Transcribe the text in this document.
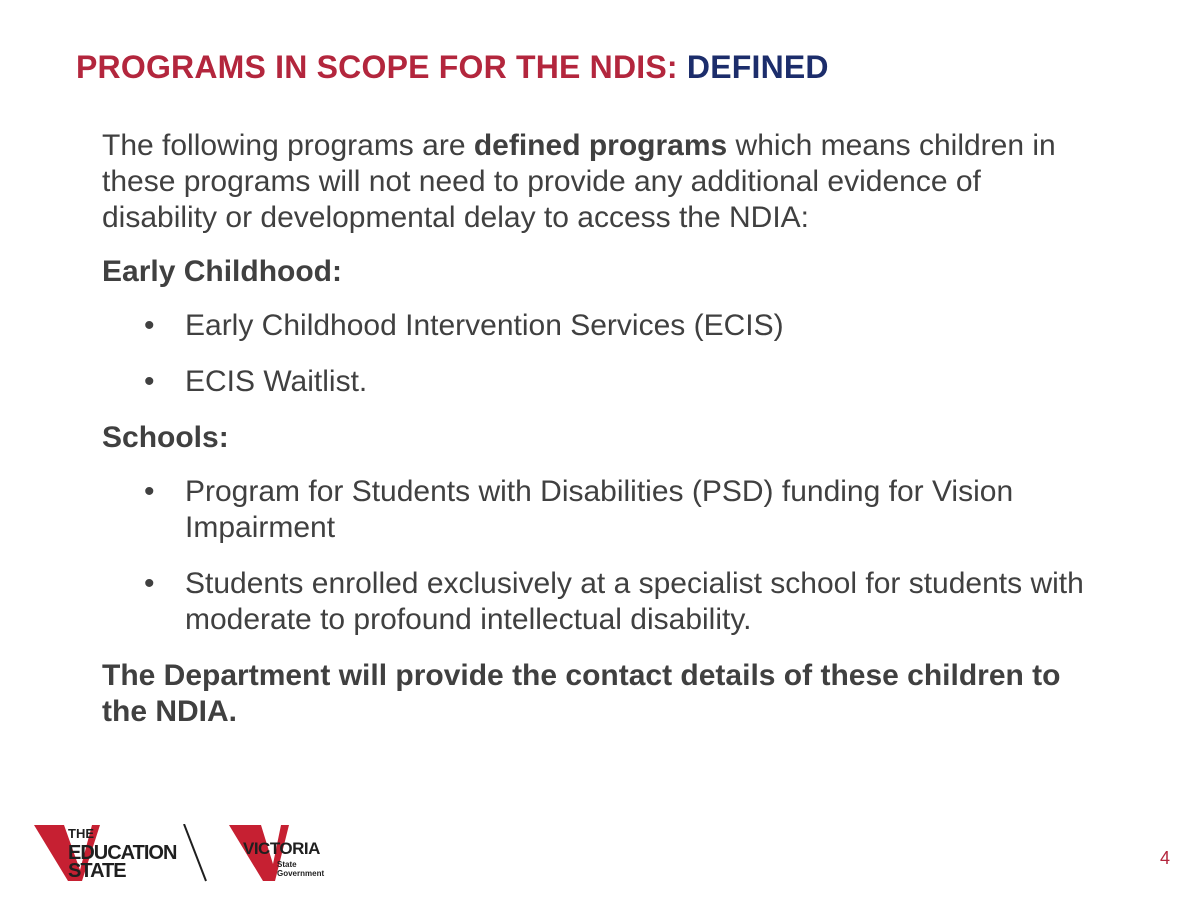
PROGRAMS IN SCOPE FOR THE NDIS: DEFINED

The following programs are defined programs which means children in these programs will not need to provide any additional evidence of disability or developmental delay to access the NDIA:

Early Childhood:

• Early Childhood Intervention Services (ECIS)
• ECIS Waitlist.

Schools:

• Program for Students with Disabilities (PSD) funding for Vision Impairment
• Students enrolled exclusively at a specialist school for students with moderate to profound intellectual disability.

The Department will provide the contact details of these children to the NDIA.

THE
EDUCATION
STATE
VICTORIA
State
Government
4
